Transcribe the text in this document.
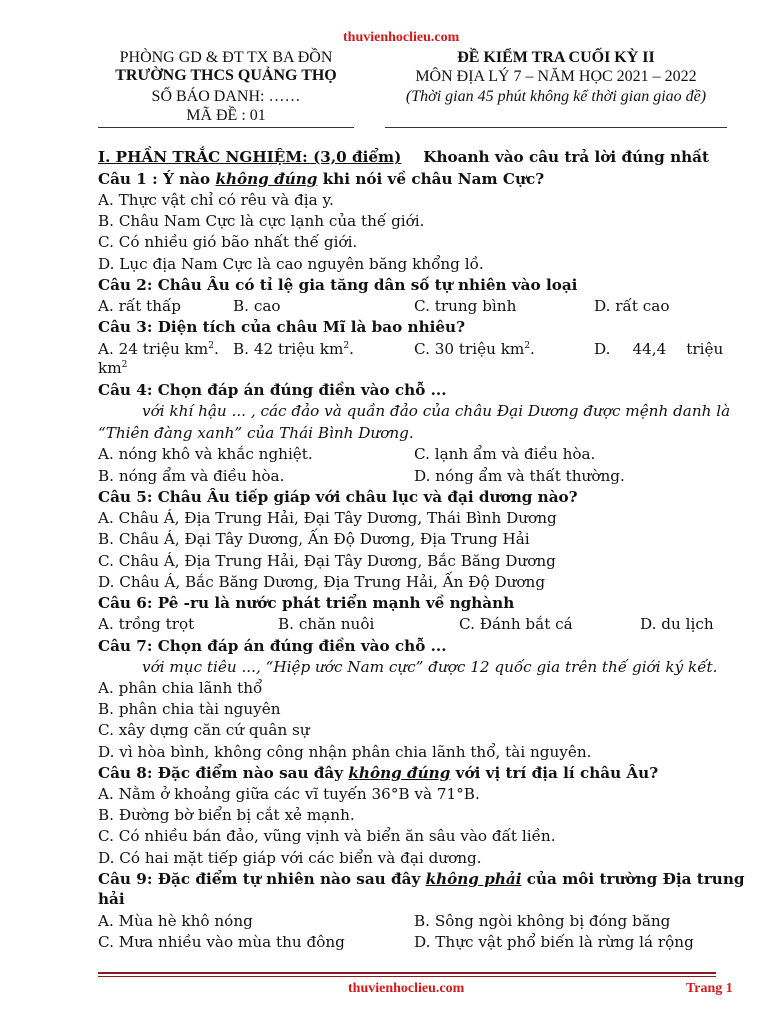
thuvienhoclieu.com
PHÒNG GD & ĐT TX BA ĐỒN
TRƯỜNG THCS QUẢNG THỌ
SỐ BÁO DANH: ……
MÃ ĐỀ : 01
ĐỀ KIỂM TRA CUỐI KỲ II
MÔN ĐỊA LÝ 7 – NĂM HỌC 2021 – 2022
(Thời gian 45 phút không kể thời gian giao đề)
I. PHẦN TRẮC NGHIỆM: (3,0 điểm) Khoanh vào câu trả lời đúng nhất
Câu 1 : Ý nào không đúng khi nói về châu Nam Cực?
A. Thực vật chỉ có rêu và địa y.
B. Châu Nam Cực là cực lạnh của thế giới.
C. Có nhiều gió bão nhất thế giới.
D. Lục địa Nam Cực là cao nguyên băng khổng lồ.
Câu 2: Châu Âu có tỉ lệ gia tăng dân số tự nhiên vào loại
A. rất thấp	B. cao	C. trung bình	D. rất cao
Câu 3: Diện tích của châu Mĩ là bao nhiêu?
A. 24 triệu $km^2$. B. 42 triệu $km^2$.	C. 30 triệu $km^2$.	D. 44,4 triệu
$km^2$
Câu 4: Chọn đáp án đúng điền vào chỗ ...
với khí hậu ... , các đảo và quần đảo của châu Đại Dương được mệnh danh là
“Thiên đàng xanh” của Thái Bình Dương.
A. nóng khô và khắc nghiệt.	C. lạnh ẩm và điều hòa.
B. nóng ẩm và điều hòa.	D. nóng ẩm và thất thường.
Câu 5: Châu Âu tiếp giáp với châu lục và đại dương nào?
A. Châu Á, Địa Trung Hải, Đại Tây Dương, Thái Bình Dương
B. Châu Á, Đại Tây Dương, Ấn Độ Dương, Địa Trung Hải
C. Châu Á, Địa Trung Hải, Đại Tây Dương, Bắc Băng Dương
D. Châu Á, Bắc Băng Dương, Địa Trung Hải, Ấn Độ Dương
Câu 6: Pê -ru là nước phát triển mạnh về nghành
A. trồng trọt	B. chăn nuôi	C. Đánh bắt cá	D. du lịch
Câu 7: Chọn đáp án đúng điền vào chỗ ...
với mục tiêu ..., “Hiệp ước Nam cực” được 12 quốc gia trên thế giới ký kết.
A. phân chia lãnh thổ
B. phân chia tài nguyên
C. xây dựng căn cứ quân sự
D. vì hòa bình, không công nhận phân chia lãnh thổ, tài nguyên.
Câu 8: Đặc điểm nào sau đây không đúng với vị trí địa lí châu Âu?
A. Nằm ở khoảng giữa các vĩ tuyến 36°B và 71°B.
B. Đường bờ biển bị cắt xẻ mạnh.
C. Có nhiều bán đảo, vũng vịnh và biển ăn sâu vào đất liền.
D. Có hai mặt tiếp giáp với các biển và đại dương.
Câu 9: Đặc điểm tự nhiên nào sau đây không phải của môi trường Địa trung
hải
A. Mùa hè khô nóng	B. Sông ngòi không bị đóng băng
C. Mưa nhiều vào mùa thu đông	D. Thực vật phổ biến là rừng lá rộng
thuvienhoclieu.com	Trang 1
